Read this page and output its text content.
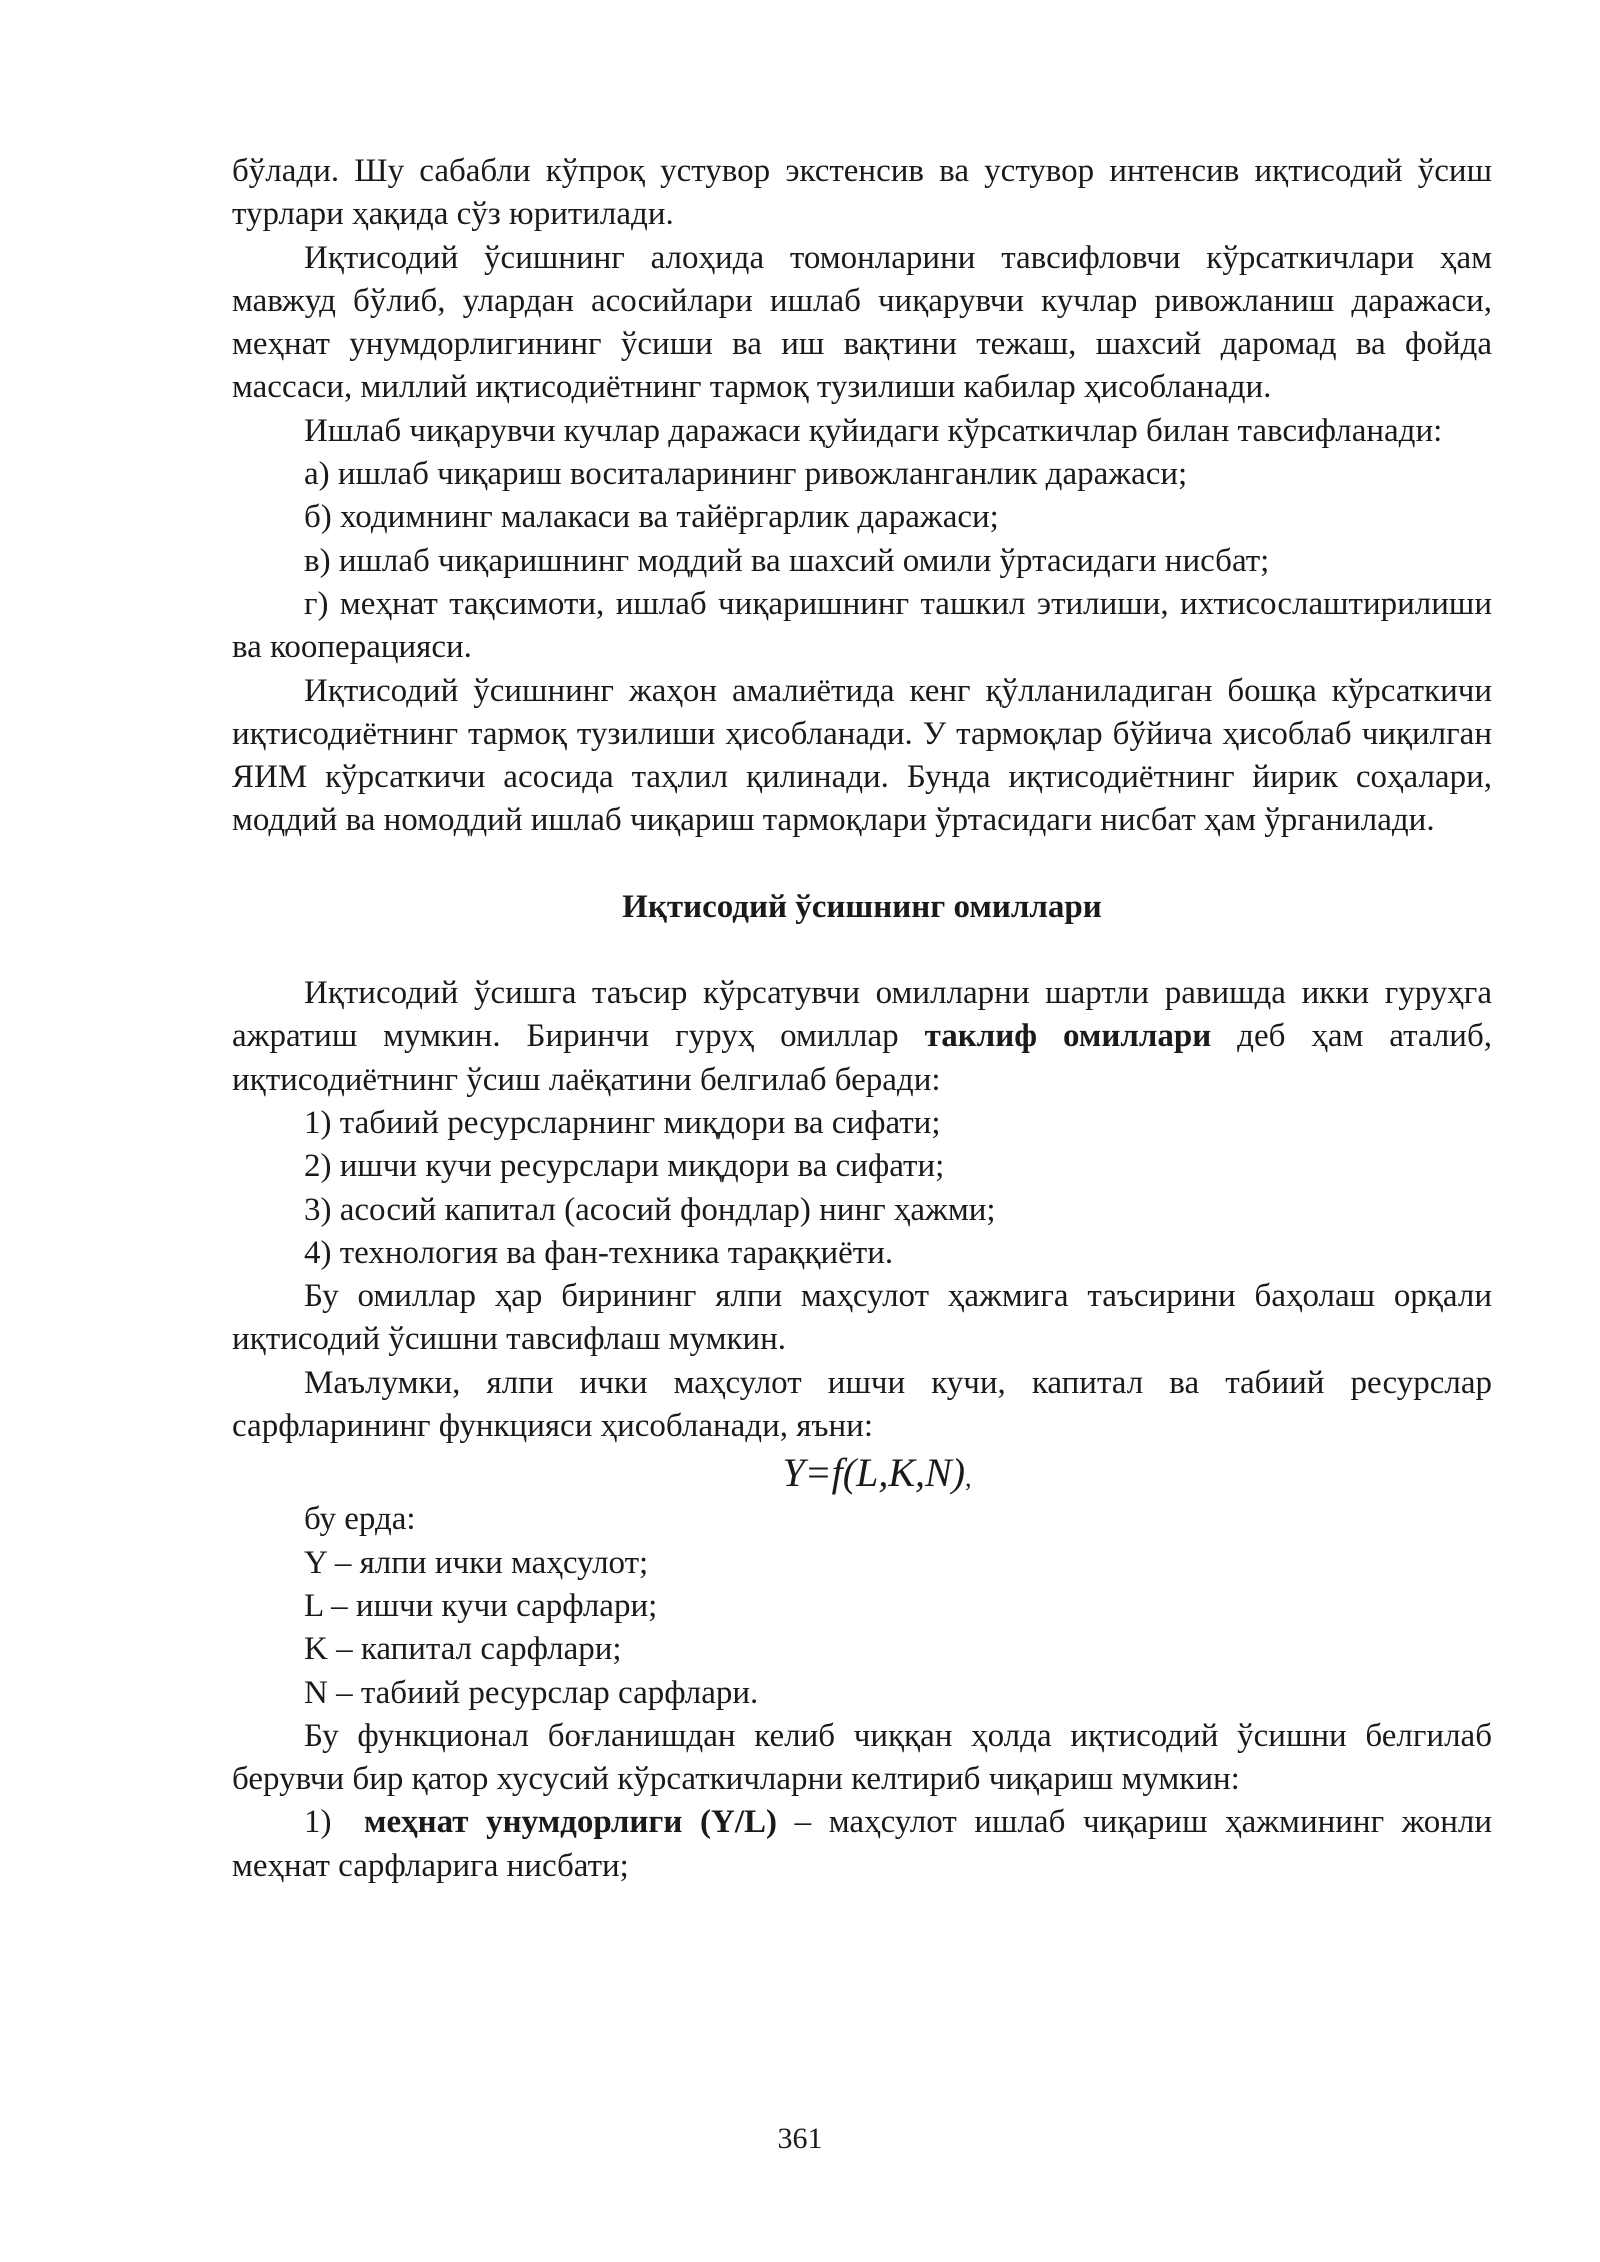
бўлади. Шу сабабли кўпроқ устувор экстенсив ва устувор интенсив иқтисодий ўсиш турлари ҳақида сўз юритилади.

Иқтисодий ўсишнинг алоҳида томонларини тавсифловчи кўрсаткичлари ҳам мавжуд бўлиб, улардан асосийлари ишлаб чиқарувчи кучлар ривожланиш даражаси, меҳнат унумдорлигининг ўсиши ва иш вақтини тежаш, шахсий даромад ва фойда массаси, миллий иқтисодиётнинг тармоқ тузилиши кабилар ҳисобланади.

Ишлаб чиқарувчи кучлар даражаси қуйидаги кўрсаткичлар билан тавсифланади:

а) ишлаб чиқариш воситаларининг ривожланганлик даражаси;

б) ходимнинг малакаси ва тайёргарлик даражаси;

в) ишлаб чиқаришнинг моддий ва шахсий омили ўртасидаги нисбат;

г) меҳнат тақсимоти, ишлаб чиқаришнинг ташкил этилиши, ихтисослаштирилиши ва кооперацияси.

Иқтисодий ўсишнинг жаҳон амалиётида кенг қўлланиладиган бошқа кўрсаткичи иқтисодиётнинг тармоқ тузилиши ҳисобланади. У тармоқлар бўйича ҳисоблаб чиқилган ЯИМ кўрсаткичи асосида таҳлил қилинади. Бунда иқтисодиётнинг йирик соҳалари, моддий ва номоддий ишлаб чиқариш тармоқлари ўртасидаги нисбат ҳам ўрганилади.

Иқтисодий ўсишнинг омиллари

Иқтисодий ўсишга таъсир кўрсатувчи омилларни шартли равишда икки гуруҳга ажратиш мумкин. Биринчи гуруҳ омиллар таклиф омиллари деб ҳам аталиб, иқтисодиётнинг ўсиш лаёқатини белгилаб беради:

1) табиий ресурсларнинг миқдори ва сифати;

2) ишчи кучи ресурслари миқдори ва сифати;

3) асосий капитал (асосий фондлар) нинг ҳажми;

4) технология ва фан-техника тараққиёти.

Бу омиллар ҳар бирининг ялпи маҳсулот ҳажмига таъсирини баҳолаш орқали иқтисодий ўсишни тавсифлаш мумкин.

Маълумки, ялпи ички маҳсулот ишчи кучи, капитал ва табиий ресурслар сарфларининг функцияси ҳисобланади, яъни:

Y=f(L,K,N),

бу ерда:

Y – ялпи ички маҳсулот;

L – ишчи кучи сарфлари;

K – капитал сарфлари;

N – табиий ресурслар сарфлари.

Бу функционал боғланишдан келиб чиққан ҳолда иқтисодий ўсишни белгилаб берувчи бир қатор хусусий кўрсаткичларни келтириб чиқариш мумкин:

1) меҳнат унумдорлиги (Y/L) – маҳсулот ишлаб чиқариш ҳажмининг жонли меҳнат сарфларига нисбати;

361
